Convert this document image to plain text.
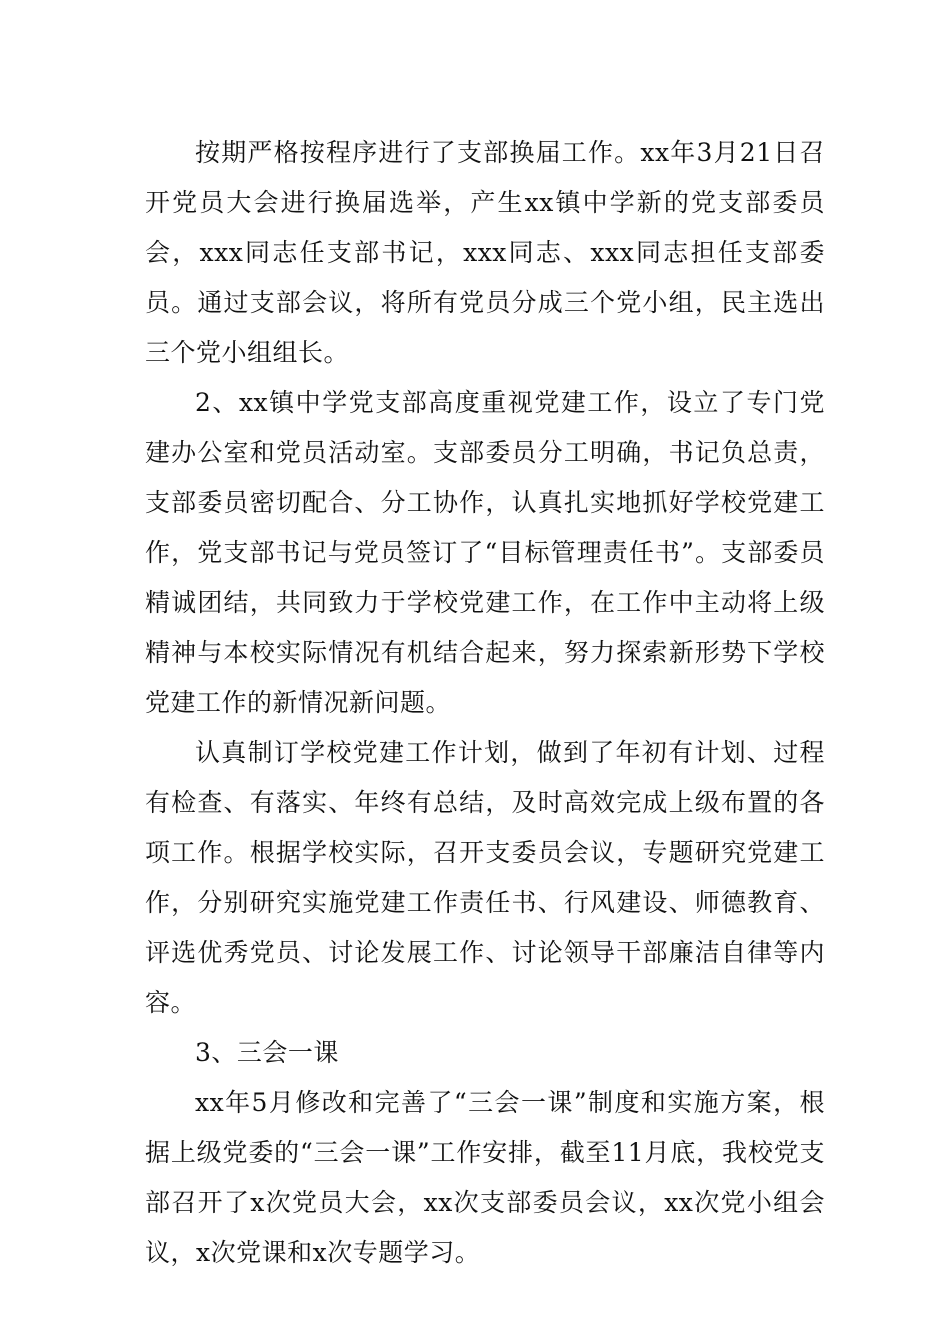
按期严格按程序进行了支部换届工作。xx年3月21日召开党员大会进行换届选举，产生xx镇中学新的党支部委员会，xxx同志任支部书记，xxx同志、xxx同志担任支部委员。通过支部会议，将所有党员分成三个党小组，民主选出三个党小组组长。

2、xx镇中学党支部高度重视党建工作，设立了专门党建办公室和党员活动室。支部委员分工明确，书记负总责，支部委员密切配合、分工协作，认真扎实地抓好学校党建工作，党支部书记与党员签订了“目标管理责任书”。支部委员精诚团结，共同致力于学校党建工作，在工作中主动将上级精神与本校实际情况有机结合起来，努力探索新形势下学校党建工作的新情况新问题。

认真制订学校党建工作计划，做到了年初有计划、过程有检查、有落实、年终有总结，及时高效完成上级布置的各项工作。根据学校实际，召开支委员会议，专题研究党建工作，分别研究实施党建工作责任书、行风建设、师德教育、评选优秀党员、讨论发展工作、讨论领导干部廉洁自律等内容。

3、三会一课

xx年5月修改和完善了“三会一课”制度和实施方案，根据上级党委的“三会一课”工作安排，截至11月底，我校党支部召开了x次党员大会，xx次支部委员会议，xx次党小组会议，x次党课和x次专题学习。
